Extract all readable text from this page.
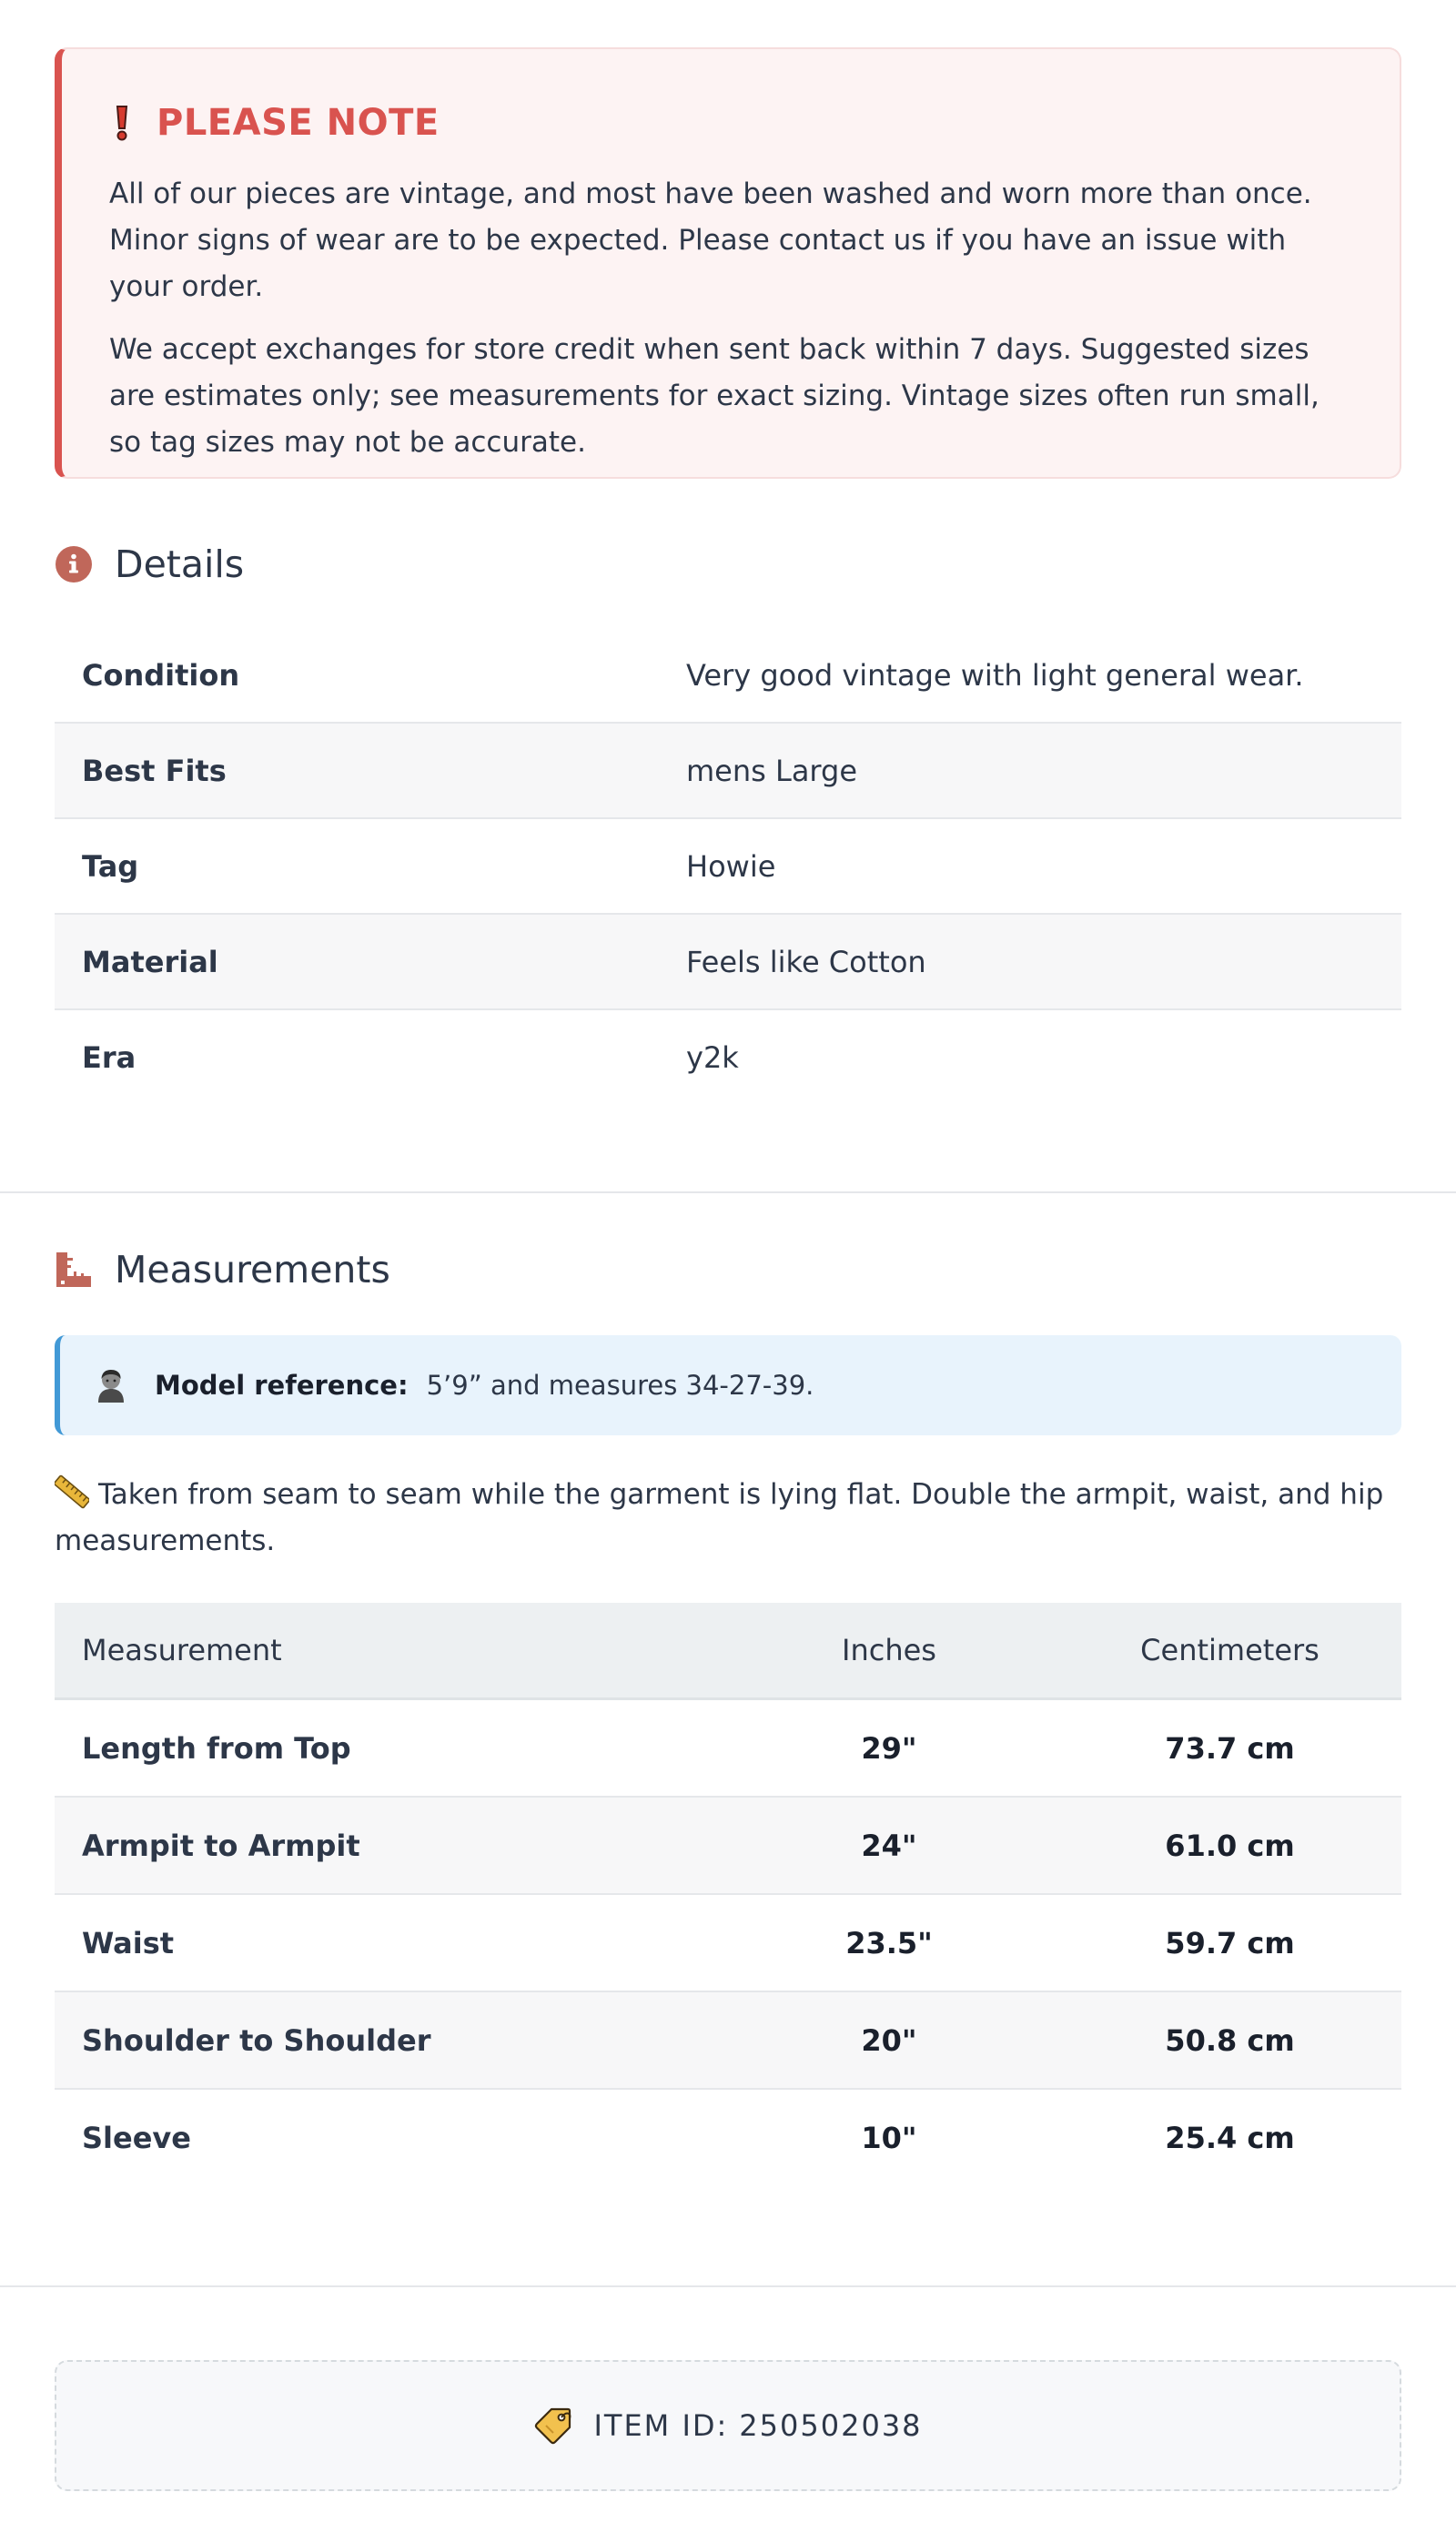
PLEASE NOTE

All of our pieces are vintage, and most have been washed and worn more than once. Minor signs of wear are to be expected. Please contact us if you have an issue with your order.

We accept exchanges for store credit when sent back within 7 days. Suggested sizes are estimates only; see measurements for exact sizing. Vintage sizes often run small, so tag sizes may not be accurate.

Details
Condition	Very good vintage with light general wear.
Best Fits	mens Large
Tag	Howie
Material	Feels like Cotton
Era	y2k
Measurements
Model reference: 5’9” and measures 34-27-39.
Taken from seam to seam while the garment is lying flat. Double the armpit, waist, and hip measurements.
Measurement	Inches	Centimeters
Length from Top	29"	73.7 cm
Armpit to Armpit	24"	61.0 cm
Waist	23.5"	59.7 cm
Shoulder to Shoulder	20"	50.8 cm
Sleeve	10"	25.4 cm
ITEM ID: 250502038
